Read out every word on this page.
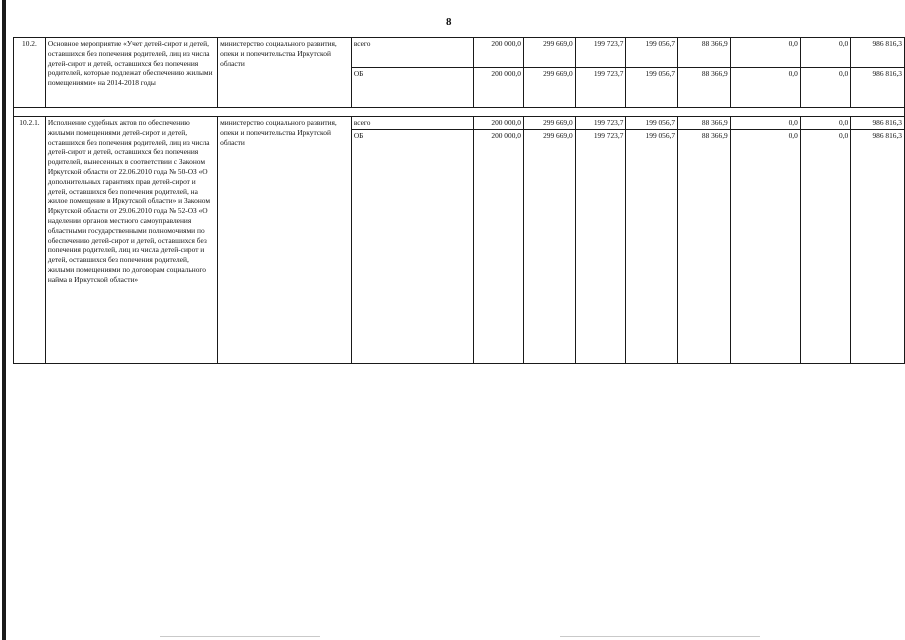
8
10.2.	Основное мероприятие «Учет детей-сирот и детей, оставшихся без попечения родителей, лиц из числа детей-сирот и детей, оставшихся без попечения родителей, которые подлежат обеспечению жилыми помещениями» на 2014-2018 годы	министерство социального развития, опеки и попечительства Иркутской области	всего	200 000,0	299 669,0	199 723,7	199 056,7	88 366,9	0,0	0,0	986 816,3
			ОБ	200 000,0	299 669,0	199 723,7	199 056,7	88 366,9	0,0	0,0	986 816,3

10.2.1.	Исполнение судебных актов по обеспечению жилыми помещениями детей-сирот и детей, оставшихся без попечения родителей, лиц из числа детей-сирот и детей, оставшихся без попечения родителей, вынесенных в соответствии с Законом Иркутской области от 22.06.2010 года № 50-ОЗ «О дополнительных гарантиях прав детей-сирот и детей, оставшихся без попечения родителей, на жилое помещение в Иркутской области» и Законом Иркутской области от 29.06.2010 года № 52-ОЗ «О наделении органов местного самоуправления областными государственными полномочиями по обеспечению детей-сирот и детей, оставшихся без попечения родителей, лиц из числа детей-сирот и детей, оставшихся без попечения родителей, жилыми помещениями по договорам социального найма в Иркутской области»	министерство социального развития, опеки и попечительства Иркутской области	всего	200 000,0	299 669,0	199 723,7	199 056,7	88 366,9	0,0	0,0	986 816,3
			ОБ	200 000,0	299 669,0	199 723,7	199 056,7	88 366,9	0,0	0,0	986 816,3
